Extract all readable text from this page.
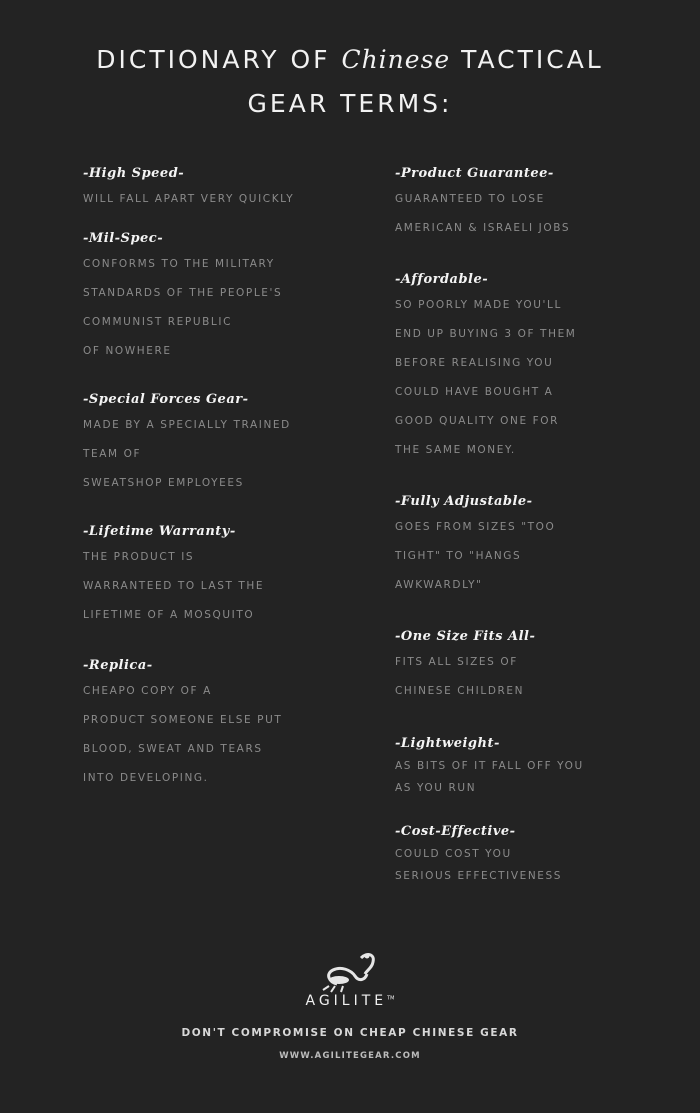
DICTIONARY OF Chinese TACTICAL
GEAR TERMS:
-High Speed-
WILL FALL APART VERY QUICKLY
-Mil-Spec-
CONFORMS TO THE MILITARY
STANDARDS OF THE PEOPLE'S
COMMUNIST REPUBLIC
OF NOWHERE
-Special Forces Gear-
MADE BY A SPECIALLY TRAINED
TEAM OF
SWEATSHOP EMPLOYEES
-Lifetime Warranty-
THE PRODUCT IS
WARRANTEED TO LAST THE
LIFETIME OF A MOSQUITO
-Replica-
CHEAPO COPY OF A
PRODUCT SOMEONE ELSE PUT
BLOOD, SWEAT AND TEARS
INTO DEVELOPING.
-Product Guarantee-
GUARANTEED TO LOSE
AMERICAN & ISRAELI JOBS
-Affordable-
SO POORLY MADE YOU'LL
END UP BUYING 3 OF THEM
BEFORE REALISING YOU
COULD HAVE BOUGHT A
GOOD QUALITY ONE FOR
THE SAME MONEY.
-Fully Adjustable-
GOES FROM SIZES "TOO
TIGHT" TO "HANGS
AWKWARDLY"
-One Size Fits All-
FITS ALL SIZES OF
CHINESE CHILDREN
-Lightweight-
AS BITS OF IT FALL OFF YOU
AS YOU RUN
-Cost-Effective-
COULD COST YOU
SERIOUS EFFECTIVENESS
AGILITE™
DON'T COMPROMISE ON CHEAP CHINESE GEAR
WWW.AGILITEGEAR.COM
